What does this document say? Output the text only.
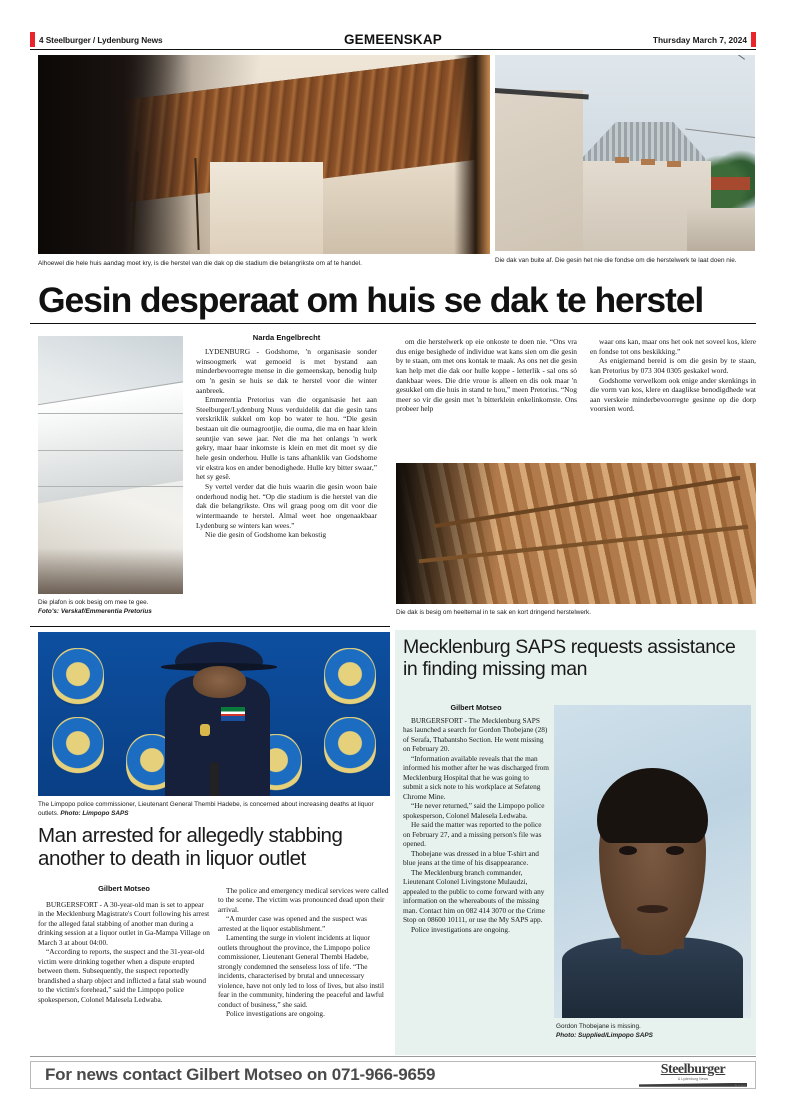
4 Steelburger / Lydenburg News	GEMEENSKAP	Thursday March 7, 2024
Alhoewel die hele huis aandag moet kry, is die herstel van die dak op die stadium die belangrikste om af te handel.	Die dak van buite af. Die gesin het nie die fondse om die herstelwerk te laat doen nie.
Gesin desperaat om huis se dak te herstel
Die plafon is ook besig om mee te gee.
Foto's: Verskaf/Emmerentia Pretorius
Narda Engelbrecht

LYDENBURG - Godshome, 'n organisasie sonder winsoogmerk wat gemoeid is met bystand aan minderbevoorregte mense in die gemeenskap, benodig hulp om 'n gesin se huis se dak te herstel voor die winter aanbreek.

Emmerentia Pretorius van die organisasie het aan Steelburger/Lydenburg Nuus verduidelik dat die gesin tans verskriklik sukkel om kop bo water te hou. “Die gesin bestaan uit die oumagrootjie, die ouma, die ma en haar klein seuntjie van sewe jaar. Net die ma het onlangs 'n werk gekry, maar haar inkomste is klein en met dit moet sy die hele gesin onderhou. Hulle is tans afhanklik van Godshome vir ekstra kos en ander benodighede. Hulle kry bitter swaar,” het sy gesê.

Sy vertel verder dat die huis waarin die gesin woon baie onderhoud nodig het. “Op die stadium is die herstel van die dak die belangrikste. Ons wil graag poog om dit voor die wintermaande te herstel. Almal weet hoe ongenaakbaar Lydenburg se winters kan wees.”

Nie die gesin of Godshome kan bekostig

om die herstelwerk op eie onkoste te doen nie. “Ons vra dus enige besighede of individue wat kans sien om die gesin by te staan, om met ons kontak te maak. As ons net die gesin kan help met die dak oor hulle koppe - letterlik - sal ons só dankbaar wees. Die drie vroue is alleen en dis ook maar 'n gesukkel om die huis in stand te hou,” meen Pretorius. “Nog meer so vir die gesin met 'n bitterklein enkelinkomste. Ons probeer help

waar ons kan, maar ons het ook net soveel kos, klere en fondse tot ons beskikking.”

As enigiemand bereid is om die gesin by te staan, kan Pretorius by 073 304 0305 geskakel word.

Godshome verwelkom ook enige ander skenkings in die vorm van kos, klere en daaglikse benodigdhede wat aan verskeie minderbevoorregte gesinne op die dorp voorsien word.

Die dak is besig om heeltemal in te sak en kort dringend herstelwerk.
The Limpopo police commissioner, Lieutenant General Thembi Hadebe, is concerned about increasing deaths at liquor outlets. Photo: Limpopo SAPS
Man arrested for allegedly stabbing another to death in liquor outlet
Gilbert Motseo

BURGERSFORT - A 30-year-old man is set to appear in the Mecklenburg Magistrate's Court following his arrest for the alleged fatal stabbing of another man during a drinking session at a liquor outlet in Ga-Mampa Village on March 3 at about 04:00.

“According to reports, the suspect and the 31-year-old victim were drinking together when a dispute erupted between them. Subsequently, the suspect reportedly brandished a sharp object and inflicted a fatal stab wound to the victim's forehead,” said the Limpopo police spokesperson, Colonel Malesela Ledwaba.

The police and emergency medical services were called to the scene. The victim was pronounced dead upon their arrival.

“A murder case was opened and the suspect was arrested at the liquor establishment.”

Lamenting the surge in violent incidents at liquor outlets throughout the province, the Limpopo police commissioner, Lieutenant General Thembi Hadebe, strongly condemned the senseless loss of life. “The incidents, characterised by brutal and unnecessary violence, have not only led to loss of lives, but also instil fear in the community, hindering the peaceful and lawful conduct of business,” she said.

Police investigations are ongoing.

Mecklenburg SAPS requests assistance in finding missing man
Gilbert Motseo

BURGERSFORT - The Mecklenburg SAPS has launched a search for Gordon Thobejane (28) of Serafa, Thabantsho Section. He went missing on February 20.

“Information available reveals that the man informed his mother after he was discharged from Mecklenburg Hospital that he was going to submit a sick note to his workplace at Sefateng Chrome Mine.

“He never returned,” said the Limpopo police spokesperson, Colonel Malesela Ledwaba.

He said the matter was reported to the police on February 27, and a missing person's file was opened.

Thobejane was dressed in a blue T-shirt and blue jeans at the time of his disappearance.

The Mecklenburg branch commander, Lieutenant Colonel Livingstone Mulaudzi, appealed to the public to come forward with any information on the whereabouts of the missing man. Contact him on 082 414 3070 or the Crime Stop on 08600 10111, or use the My SAPS app.

Police investigations are ongoing.

Gordon Thobejane is missing.
Photo: Supplied/Limpopo SAPS
For news contact Gilbert Motseo on 071-966-9659	Steelburger
& Lydenburg News
N e w s
